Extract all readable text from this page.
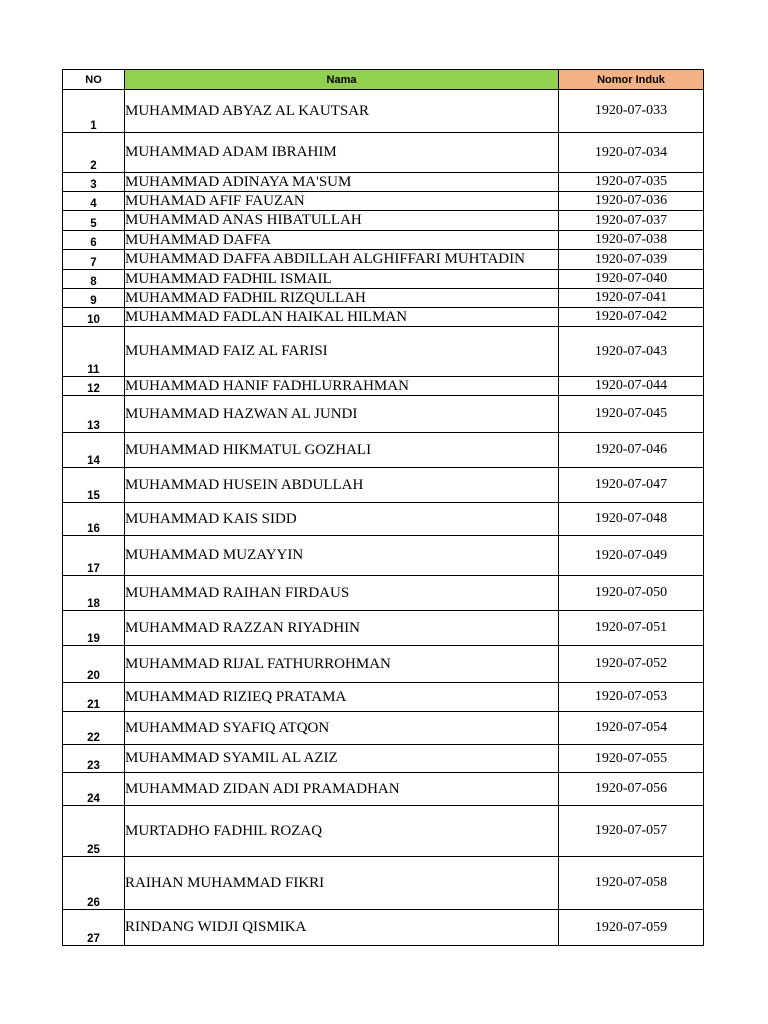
NO	Nama	Nomor Induk
1	MUHAMMAD ABYAZ AL KAUTSAR	1920-07-033
2	MUHAMMAD ADAM IBRAHIM	1920-07-034
3	MUHAMMAD ADINAYA MA'SUM	1920-07-035
4	MUHAMAD AFIF FAUZAN	1920-07-036
5	MUHAMMAD ANAS HIBATULLAH	1920-07-037
6	MUHAMMAD DAFFA	1920-07-038
7	MUHAMMAD DAFFA ABDILLAH ALGHIFFARI MUHTADIN	1920-07-039
8	MUHAMMAD FADHIL ISMAIL	1920-07-040
9	MUHAMMAD FADHIL RIZQULLAH	1920-07-041
10	MUHAMMAD FADLAN HAIKAL HILMAN	1920-07-042
11	MUHAMMAD FAIZ AL FARISI	1920-07-043
12	MUHAMMAD HANIF FADHLURRAHMAN	1920-07-044
13	MUHAMMAD HAZWAN AL JUNDI	1920-07-045
14	MUHAMMAD HIKMATUL GOZHALI	1920-07-046
15	MUHAMMAD HUSEIN ABDULLAH	1920-07-047
16	MUHAMMAD KAIS SIDD	1920-07-048
17	MUHAMMAD MUZAYYIN	1920-07-049
18	MUHAMMAD RAIHAN FIRDAUS	1920-07-050
19	MUHAMMAD RAZZAN RIYADHIN	1920-07-051
20	MUHAMMAD RIJAL FATHURROHMAN	1920-07-052
21	MUHAMMAD RIZIEQ PRATAMA	1920-07-053
22	MUHAMMAD SYAFIQ ATQON	1920-07-054
23	MUHAMMAD SYAMIL AL AZIZ	1920-07-055
24	MUHAMMAD ZIDAN ADI PRAMADHAN	1920-07-056
25	MURTADHO FADHIL ROZAQ	1920-07-057
26	RAIHAN MUHAMMAD FIKRI	1920-07-058
27	RINDANG WIDJI QISMIKA	1920-07-059
